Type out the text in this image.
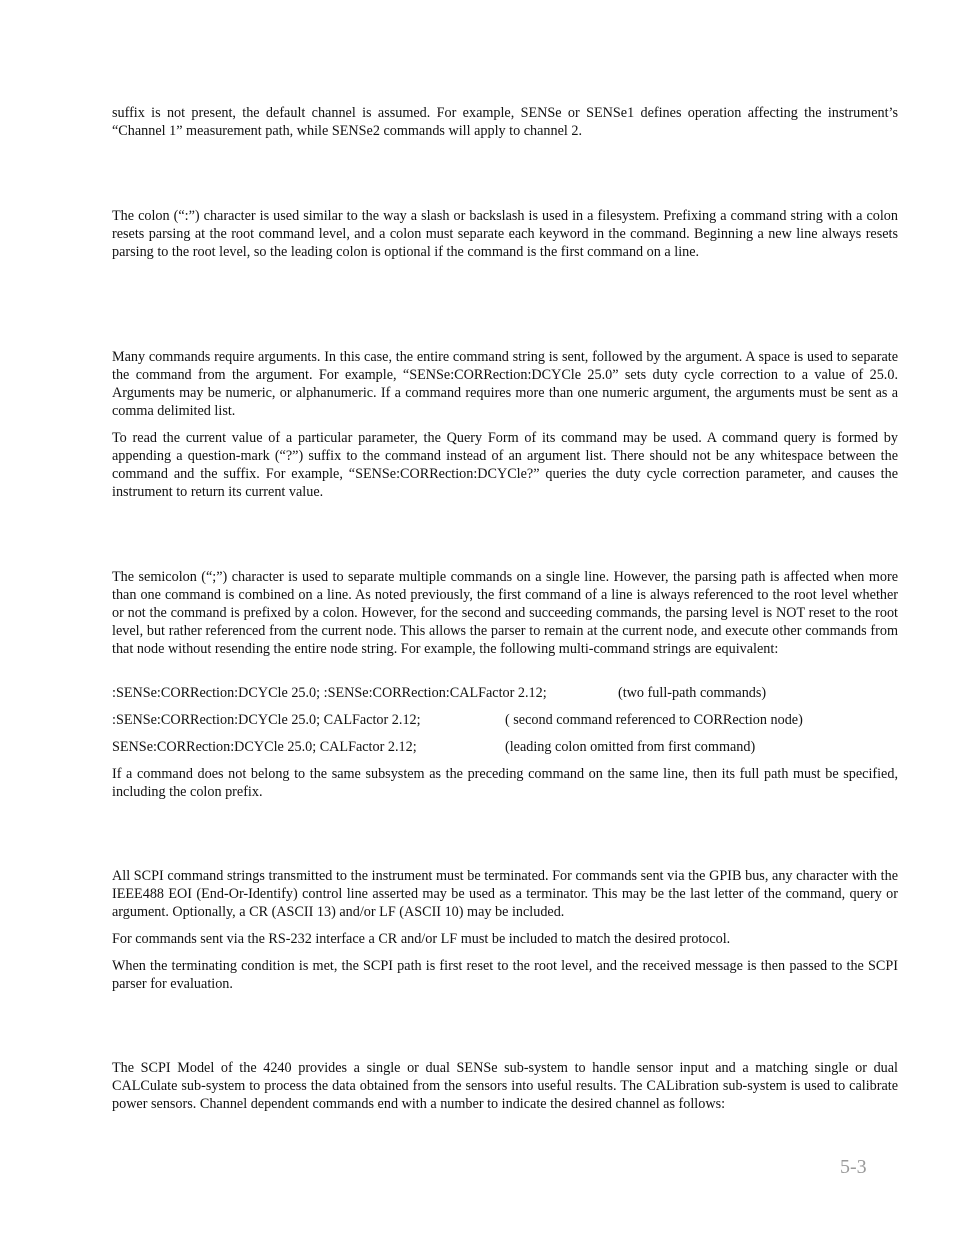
suffix is not present, the default channel is assumed. For example, SENSe or SENSe1 defines operation affecting the instrument’s “Channel 1” measurement path, while SENSe2 commands will apply to channel 2.

The colon (“:”) character is used similar to the way a slash or backslash is used in a filesystem. Prefixing a command string with a colon resets parsing at the root command level, and a colon must separate each keyword in the command. Beginning a new line always resets parsing to the root level, so the leading colon is optional if the command is the first command on a line.

Many commands require arguments. In this case, the entire command string is sent, followed by the argument. A space is used to separate the command from the argument. For example, “SENSe:CORRection:DCYCle 25.0” sets duty cycle correction to a value of 25.0. Arguments may be numeric, or alphanumeric. If a command requires more than one numeric argument, the arguments must be sent as a comma delimited list.

To read the current value of a particular parameter, the Query Form of its command may be used. A command query is formed by appending a question-mark (“?”) suffix to the command instead of an argument list. There should not be any whitespace between the command and the suffix. For example, “SENSe:CORRection:DCYCle?” queries the duty cycle correction parameter, and causes the instrument to return its current value.

The semicolon (“;”) character is used to separate multiple commands on a single line. However, the parsing path is affected when more than one command is combined on a line. As noted previously, the first command of a line is always referenced to the root level whether or not the command is prefixed by a colon. However, for the second and succeeding commands, the parsing level is NOT reset to the root level, but rather referenced from the current node. This allows the parser to remain at the current node, and execute other commands from that node without resending the entire node string. For example, the following multi-command strings are equivalent:

:SENSe:CORRection:DCYCle 25.0; :SENSe:CORRection:CALFactor 2.12;	(two full-path commands)
:SENSe:CORRection:DCYCle 25.0; CALFactor 2.12;	( second command referenced to CORRection node)
SENSe:CORRection:DCYCle 25.0; CALFactor 2.12;	(leading colon omitted from first command)

If a command does not belong to the same subsystem as the preceding command on the same line, then its full path must be specified, including the colon prefix.

All SCPI command strings transmitted to the instrument must be terminated. For commands sent via the GPIB bus, any character with the IEEE488 EOI (End-Or-Identify) control line asserted may be used as a terminator. This may be the last letter of the command, query or argument. Optionally, a CR (ASCII 13) and/or LF (ASCII 10) may be included.

For commands sent via the RS-232 interface a CR and/or LF must be included to match the desired protocol.

When the terminating condition is met, the SCPI path is first reset to the root level, and the received message is then passed to the SCPI parser for evaluation.

The SCPI Model of the 4240 provides a single or dual SENSe sub-system to handle sensor input and a matching single or dual CALCulate sub-system to process the data obtained from the sensors into useful results. The CALibration sub-system is used to calibrate power sensors. Channel dependent commands end with a number to indicate the desired channel as follows:

5-3
